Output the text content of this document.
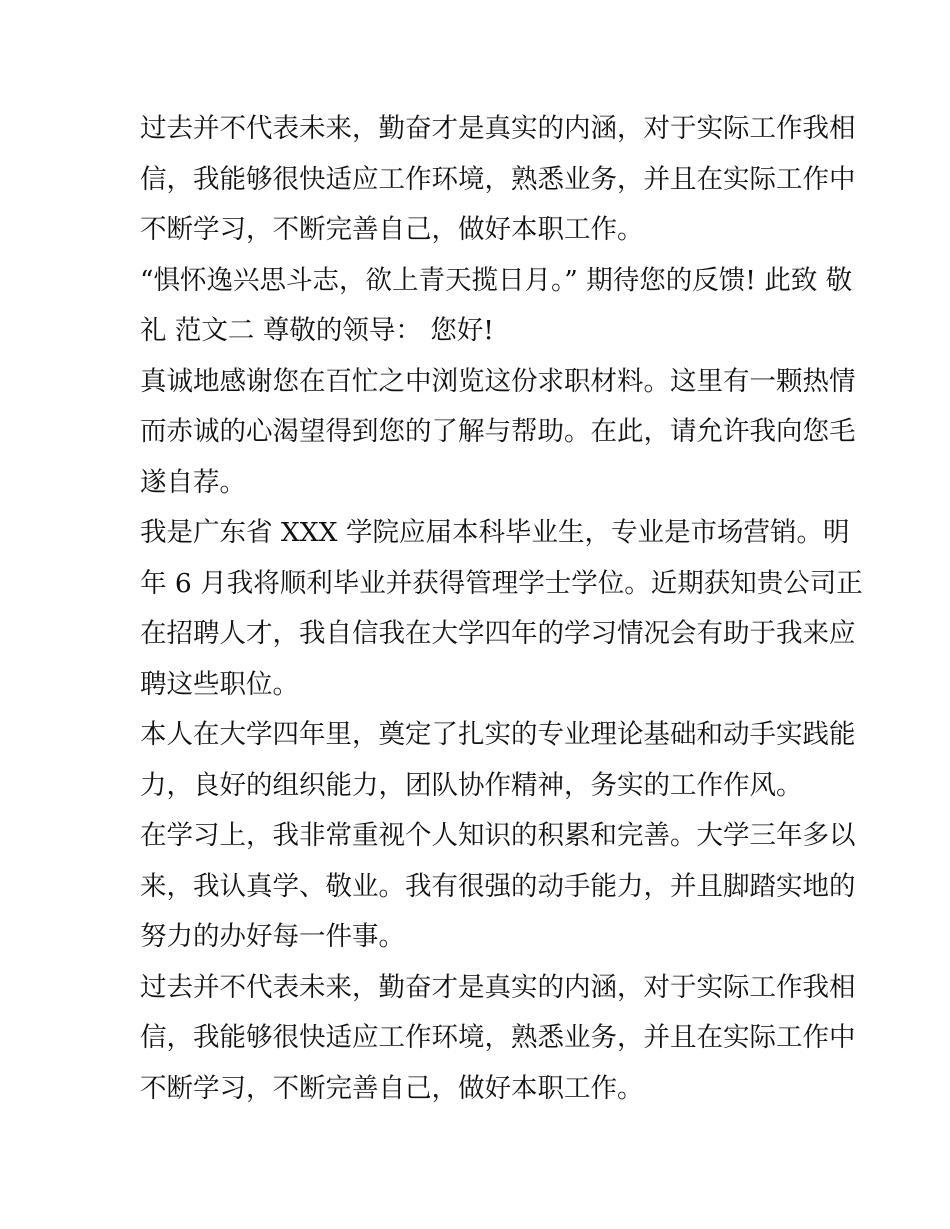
过去并不代表未来，勤奋才是真实的内涵，对于实际工作我相
信，我能够很快适应工作环境，熟悉业务，并且在实际工作中
不断学习，不断完善自己，做好本职工作。
“惧怀逸兴思斗志，欲上青天揽日月。” 期待您的反馈! 此致 敬
礼 范文二 尊敬的领导： 您好!
真诚地感谢您在百忙之中浏览这份求职材料。这里有一颗热情
而赤诚的心渴望得到您的了解与帮助。在此，请允许我向您毛
遂自荐。
我是广东省 XXX 学院应届本科毕业生，专业是市场营销。明
年 6 月我将顺利毕业并获得管理学士学位。近期获知贵公司正
在招聘人才，我自信我在大学四年的学习情况会有助于我来应
聘这些职位。
本人在大学四年里，奠定了扎实的专业理论基础和动手实践能
力，良好的组织能力，团队协作精神，务实的工作作风。
在学习上，我非常重视个人知识的积累和完善。大学三年多以
来，我认真学、敬业。我有很强的动手能力，并且脚踏实地的
努力的办好每一件事。
过去并不代表未来，勤奋才是真实的内涵，对于实际工作我相
信，我能够很快适应工作环境，熟悉业务，并且在实际工作中
不断学习，不断完善自己，做好本职工作。
